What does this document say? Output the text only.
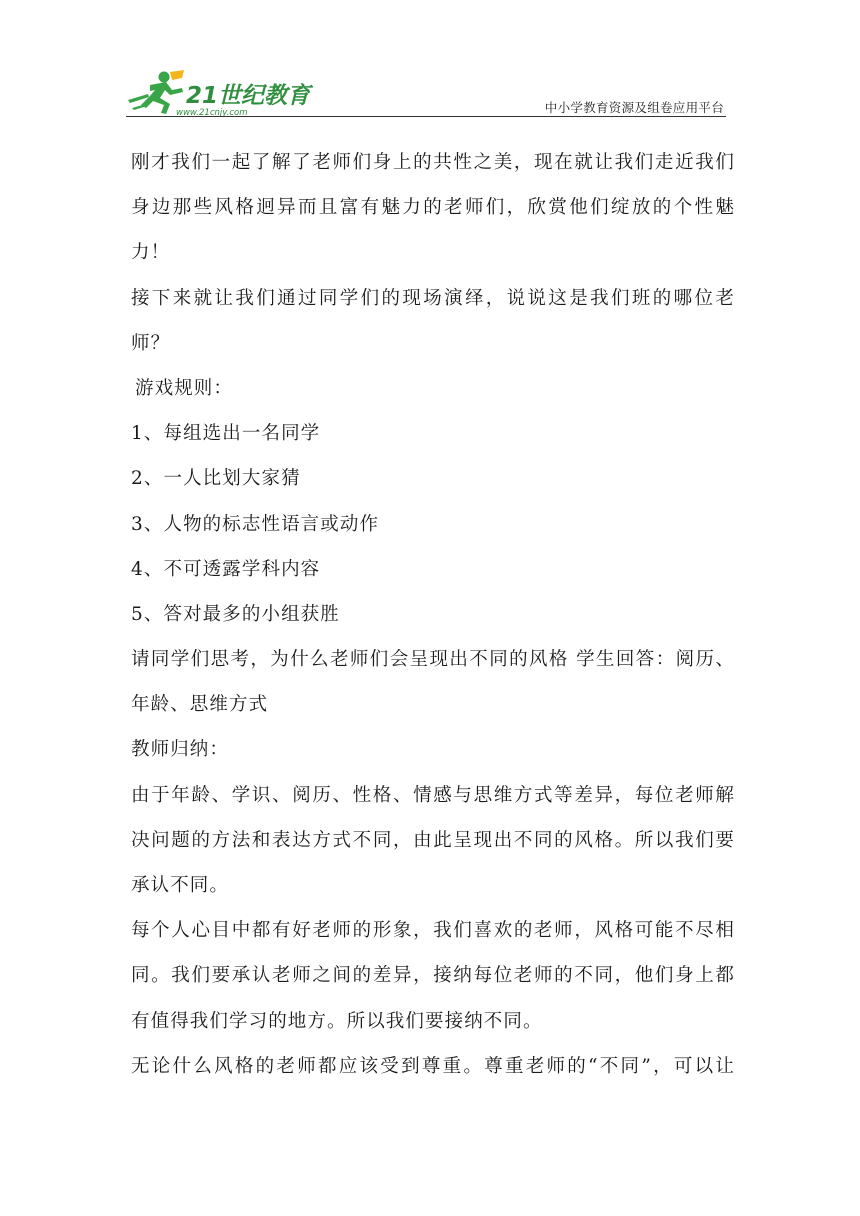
21世纪教育
www.21cnjy.com	中小学教育资源及组卷应用平台
刚才我们一起了解了老师们身上的共性之美，现在就让我们走近我们
身边那些风格迥异而且富有魅力的老师们，欣赏他们绽放的个性魅
力！
接下来就让我们通过同学们的现场演绎，说说这是我们班的哪位老
师？
游戏规则：
1、每组选出一名同学
2、一人比划大家猜
3、人物的标志性语言或动作
4、不可透露学科内容
5、答对最多的小组获胜
请同学们思考，为什么老师们会呈现出不同的风格 学生回答：阅历、
年龄、思维方式
教师归纳：
由于年龄、学识、阅历、性格、情感与思维方式等差异，每位老师解
决问题的方法和表达方式不同，由此呈现出不同的风格。所以我们要
承认不同。
每个人心目中都有好老师的形象，我们喜欢的老师，风格可能不尽相
同。我们要承认老师之间的差异，接纳每位老师的不同，他们身上都
有值得我们学习的地方。所以我们要接纳不同。
无论什么风格的老师都应该受到尊重。尊重老师的“不同”，可以让
